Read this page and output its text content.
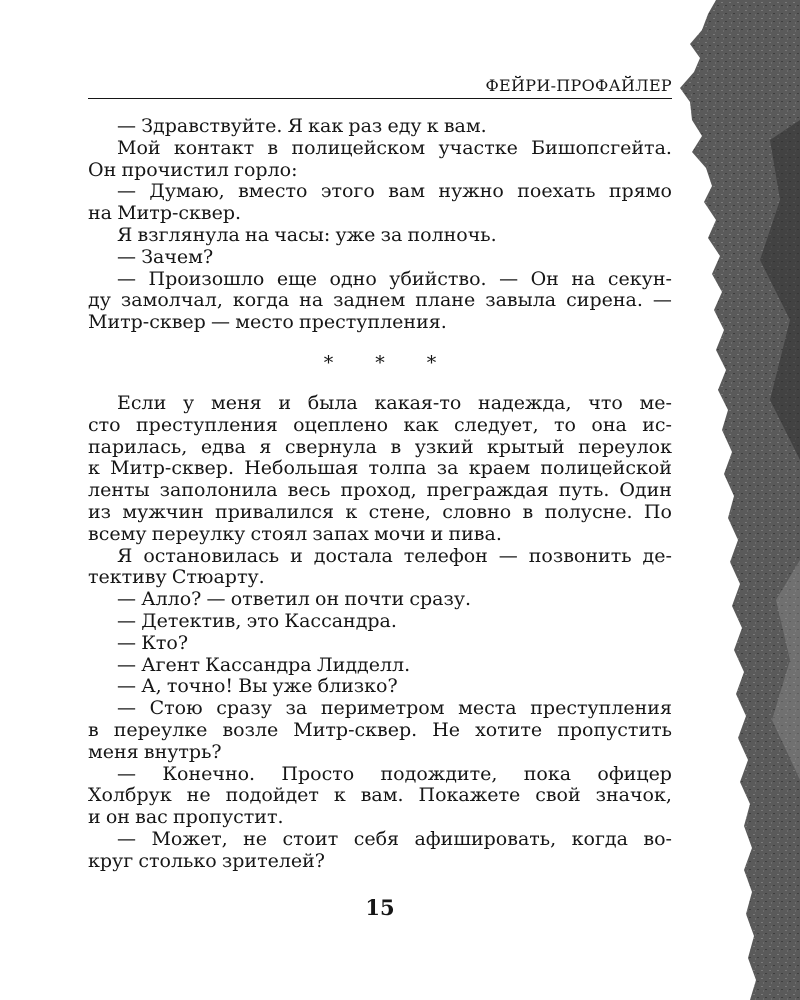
ФЕЙРИ-ПРОФАЙЛЕР
— Здравствуйте. Я как раз еду к вам.
Мой контакт в полицейском участке Бишопсгейта.
Он прочистил горло:
— Думаю, вместо этого вам нужно поехать прямо
на Митр-сквер.
Я взглянула на часы: уже за полночь.
— Зачем?
— Произошло еще одно убийство. — Он на секун-
ду замолчал, когда на заднем плане завыла сирена. —
Митр-сквер — место преступления.
* * *
Если у меня и была какая-то надежда, что ме-
сто преступления оцеплено как следует, то она ис-
парилась, едва я свернула в узкий крытый переулок
к Митр-сквер. Небольшая толпа за краем полицейской
ленты заполонила весь проход, преграждая путь. Один
из мужчин привалился к стене, словно в полусне. По
всему переулку стоял запах мочи и пива.
Я остановилась и достала телефон — позвонить де-
тективу Стюарту.
— Алло? — ответил он почти сразу.
— Детектив, это Кассандра.
— Кто?
— Агент Кассандра Лидделл.
— А, точно! Вы уже близко?
— Стою сразу за периметром места преступления
в переулке возле Митр-сквер. Не хотите пропустить
меня внутрь?
— Конечно. Просто подождите, пока офицер
Холбрук не подойдет к вам. Покажете свой значок,
и он вас пропустит.
— Может, не стоит себя афишировать, когда во-
круг столько зрителей?
15
